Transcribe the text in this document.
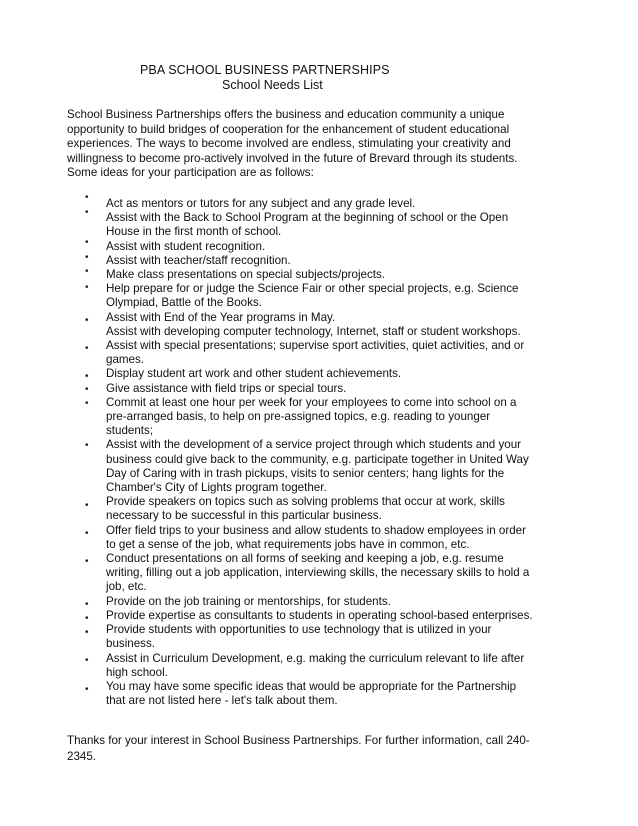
PBA SCHOOL BUSINESS PARTNERSHIPS
School Needs List

School Business Partnerships offers the business and education community a unique opportunity to build bridges of cooperation for the enhancement of student educational experiences. The ways to become involved are endless, stimulating your creativity and willingness to become pro-actively involved in the future of Brevard through its students. Some ideas for your participation are as follows:

•
•
•
•
•
•
•
•
•
•
•
•
•
•
•
•
•
•
•
•
Act as mentors or tutors for any subject and any grade level.
Assist with the Back to School Program at the beginning of school or the Open House in the first month of school.
Assist with student recognition.
Assist with teacher/staff recognition.
Make class presentations on special subjects/projects.
Help prepare for or judge the Science Fair or other special projects, e.g. Science Olympiad, Battle of the Books.
Assist with End of the Year programs in May.
Assist with developing computer technology, Internet, staff or student workshops.
Assist with special presentations; supervise sport activities, quiet activities, and or games.
Display student art work and other student achievements.
Give assistance with field trips or special tours.
Commit at least one hour per week for your employees to come into school on a pre-arranged basis, to help on pre-assigned topics, e.g. reading to younger students;
Assist with the development of a service project through which students and your business could give back to the community, e.g. participate together in United Way Day of Caring with in trash pickups, visits to senior centers; hang lights for the Chamber's City of Lights program together.
Provide speakers on topics such as solving problems that occur at work, skills necessary to be successful in this particular business.
Offer field trips to your business and allow students to shadow employees in order to get a sense of the job, what requirements jobs have in common, etc.
Conduct presentations on all forms of seeking and keeping a job, e.g. resume writing, filling out a job application, interviewing skills, the necessary skills to hold a job, etc.
Provide on the job training or mentorships, for students.
Provide expertise as consultants to students in operating school-based enterprises.
Provide students with opportunities to use technology that is utilized in your business.
Assist in Curriculum Development, e.g. making the curriculum relevant to life after high school.
You may have some specific ideas that would be appropriate for the Partnership that are not listed here - let's talk about them.

Thanks for your interest in School Business Partnerships. For further information, call 240-2345.
